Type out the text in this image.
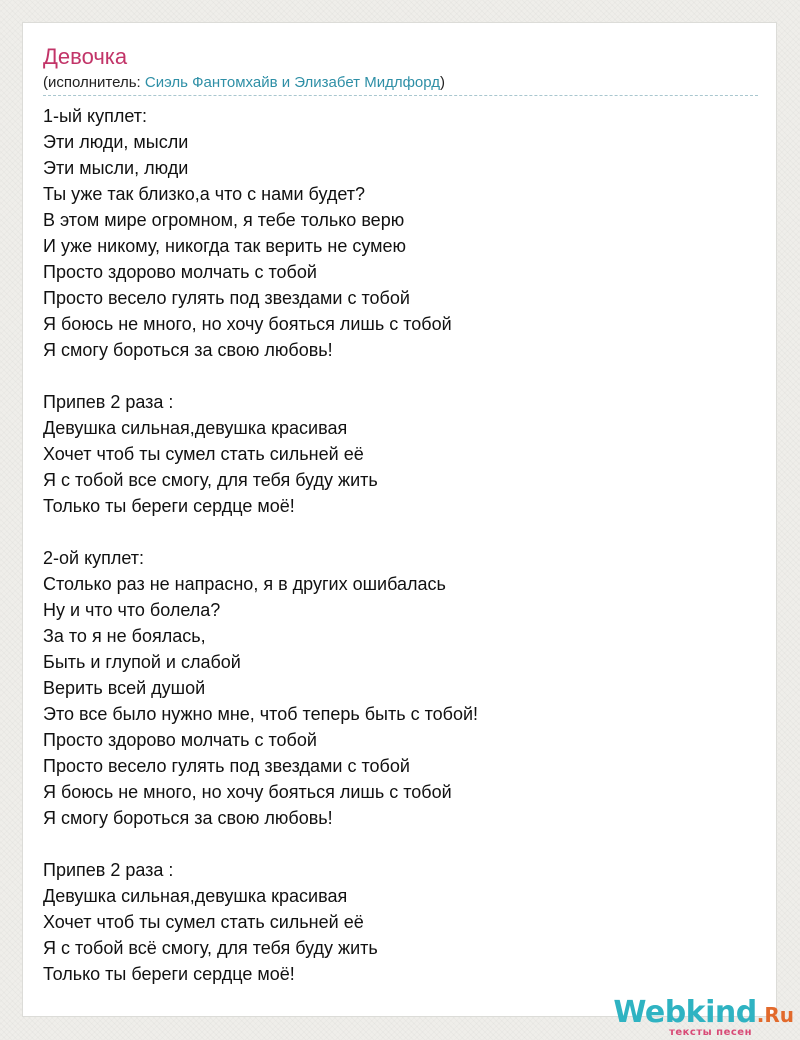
Девочка
(исполнитель: Сиэль Фантомхайв и Элизабет Мидлфорд)
1-ый куплет:
Эти люди, мысли
Эти мысли, люди
Ты уже так близко,а что с нами будет?
В этом мире огромном, я тебе только верю
И уже никому, никогда так верить не сумею
Просто здорово молчать с тобой
Просто весело гулять под звездами с тобой
Я боюсь не много, но хочу бояться лишь с тобой
Я смогу бороться за свою любовь!
Припев 2 раза :
Девушка сильная,девушка красивая
Хочет чтоб ты сумел стать сильней её
Я с тобой все смогу, для тебя буду жить
Только ты береги сердце моё!
2-ой куплет:
Столько раз не напрасно, я в других ошибалась
Ну и что что болела?
За то я не боялась,
Быть и глупой и слабой
Верить всей душой
Это все было нужно мне, чтоб теперь быть с тобой!
Просто здорово молчать с тобой
Просто весело гулять под звездами с тобой
Я боюсь не много, но хочу бояться лишь с тобой
Я смогу бороться за свою любовь!
Припев 2 раза :
Девушка сильная,девушка красивая
Хочет чтоб ты сумел стать сильней её
Я с тобой всё смогу, для тебя буду жить
Только ты береги сердце моё!
Webkind.Ru
тексты песен
